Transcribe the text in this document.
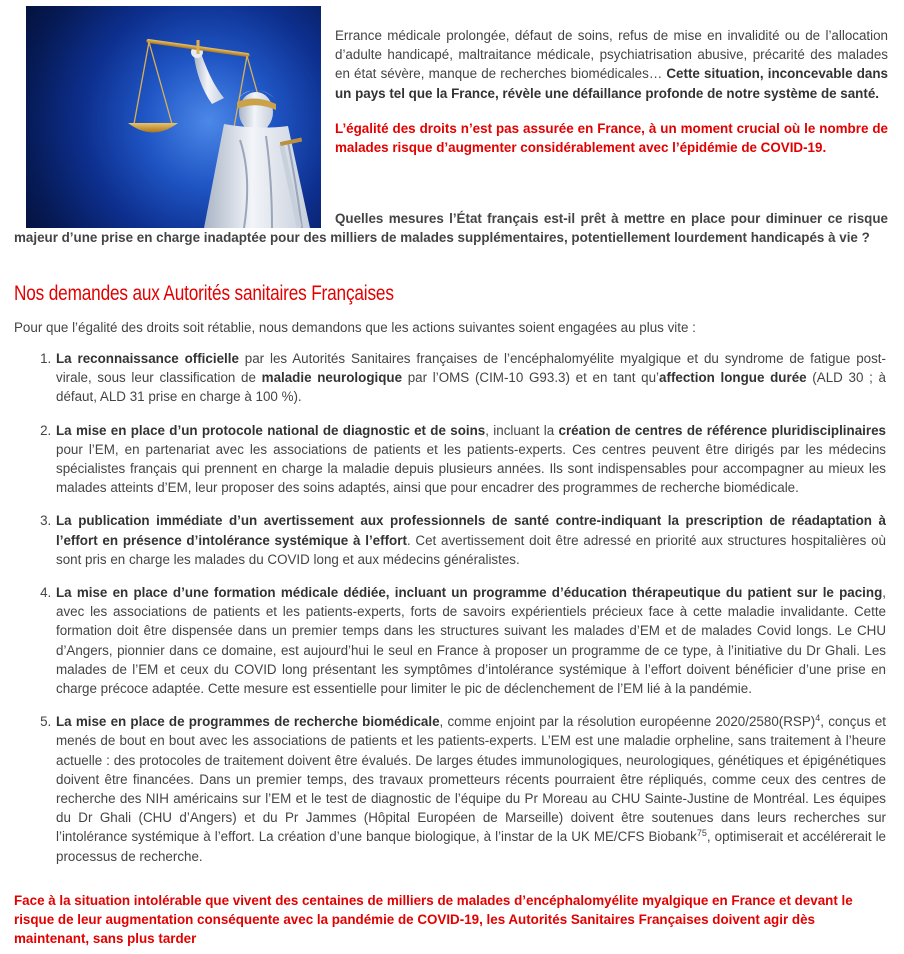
Errance médicale prolongée, défaut de soins, refus de mise en invalidité ou de l’allocation d’adulte handicapé, maltraitance médicale, psychiatrisation abusive, précarité des malades en état sévère, manque de recherches biomédicales… Cette situation, inconcevable dans un pays tel que la France, révèle une défaillance profonde de notre système de santé.

L’égalité des droits n’est pas assurée en France, à un moment crucial où le nombre de malades risque d’augmenter considérablement avec l’épidémie de COVID-19.

Quelles mesures l’État français est-il prêt à mettre en place pour diminuer ce risque majeur d’une prise en charge inadaptée pour des milliers de malades supplémentaires, potentiellement lourdement handicapés à vie ?

Nos demandes aux Autorités sanitaires Françaises

Pour que l’égalité des droits soit rétablie, nous demandons que les actions suivantes soient engagées au plus vite :

1. La reconnaissance officielle par les Autorités Sanitaires françaises de l’encéphalomyélite myalgique et du syndrome de fatigue post-virale, sous leur classification de maladie neurologique par l’OMS (CIM-10 G93.3) et en tant qu’affection longue durée (ALD 30 ; à défaut, ALD 31 prise en charge à 100 %).
2. La mise en place d’un protocole national de diagnostic et de soins, incluant la création de centres de référence pluridisciplinaires pour l’EM, en partenariat avec les associations de patients et les patients-experts. Ces centres peuvent être dirigés par les médecins spécialistes français qui prennent en charge la maladie depuis plusieurs années. Ils sont indispensables pour accompagner au mieux les malades atteints d’EM, leur proposer des soins adaptés, ainsi que pour encadrer des programmes de recherche biomédicale.
3. La publication immédiate d’un avertissement aux professionnels de santé contre-indiquant la prescription de réadaptation à l’effort en présence d’intolérance systémique à l’effort. Cet avertissement doit être adressé en priorité aux structures hospitalières où sont pris en charge les malades du COVID long et aux médecins généralistes.
4. La mise en place d’une formation médicale dédiée, incluant un programme d’éducation thérapeutique du patient sur le pacing, avec les associations de patients et les patients-experts, forts de savoirs expérientiels précieux face à cette maladie invalidante. Cette formation doit être dispensée dans un premier temps dans les structures suivant les malades d’EM et de malades Covid longs. Le CHU d’Angers, pionnier dans ce domaine, est aujourd’hui le seul en France à proposer un programme de ce type, à l’initiative du Dr Ghali. Les malades de l’EM et ceux du COVID long présentant les symptômes d’intolérance systémique à l’effort doivent bénéficier d’une prise en charge précoce adaptée. Cette mesure est essentielle pour limiter le pic de déclenchement de l’EM lié à la pandémie.
5. La mise en place de programmes de recherche biomédicale, comme enjoint par la résolution européenne 2020/2580(RSP)$^4$, conçus et menés de bout en bout avec les associations de patients et les patients-experts. L’EM est une maladie orpheline, sans traitement à l’heure actuelle : des protocoles de traitement doivent être évalués. De larges études immunologiques, neurologiques, génétiques et épigénétiques doivent être financées. Dans un premier temps, des travaux prometteurs récents pourraient être répliqués, comme ceux des centres de recherche des NIH américains sur l’EM et le test de diagnostic de l’équipe du Pr Moreau au CHU Sainte-Justine de Montréal. Les équipes du Dr Ghali (CHU d’Angers) et du Pr Jammes (Hôpital Européen de Marseille) doivent être soutenues dans leurs recherches sur l’intolérance systémique à l’effort. La création d’une banque biologique, à l’instar de la UK ME/CFS Biobank$^{75}$, optimiserait et accélérerait le processus de recherche.

Face à la situation intolérable que vivent des centaines de milliers de malades d’encéphalomyélite myalgique en France et devant le risque de leur augmentation conséquente avec la pandémie de COVID-19, les Autorités Sanitaires Françaises doivent agir dès maintenant, sans plus tarder
